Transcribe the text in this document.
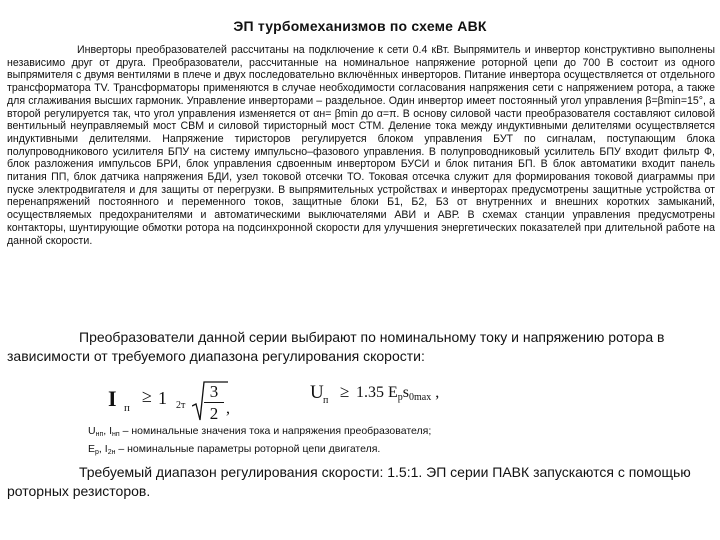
ЭП турбомеханизмов по схеме АВК

Инверторы преобразователей рассчитаны на подключение к сети 0.4 кВт. Выпрямитель и инвертор конструктивно выполнены независимо друг от друга. Преобразователи, рассчитанные на номинальное напряжение роторной цепи до 700 В состоит из одного выпрямителя с двумя вентилями в плече и двух последовательно включённых инверторов. Питание инвертора осуществляется от отдельного трансформатора TV. Транcформаторы применяются в случае необходимости согласования напряжения сети с напряжением ротора, а также для сглаживания высших гармоник. Управление инверторами – раздельное. Один инвертор имеет постоянный угол управления β=βmin=15°, а второй регулируется так, что угол управления изменяется от αн= βmin до α=π. В основу силовой части преобразователя составляют силовой вентильный неуправляемый мост СВМ и силовой тиристорный мост СТМ. Деление тока между индуктивными делителями осуществляется индуктивными делителями. Напряжение тиристоров регулируется блоком управления БУТ по сигналам, поступающим блока полупроводникового усилителя БПУ на систему импульсно–фазового управления. В полупроводниковый усилитель БПУ входит фильтр Ф, блок разложения импульсов БРИ, блок управления сдвоенным инвертором БУСИ и блок питания БП. В блок автоматики входит панель питания ПП, блок датчика напряжения БДИ, узел токовой отсечки ТО. Токовая отсечка служит для формирования токовой диаграммы при пуске электродвигателя и для защиты от перегрузки. В выпрямительных устройствах и инверторах предусмотрены защитные устройства от перенапряжений постоянного и переменного токов, защитные блоки Б1, Б2, Б3 от внутренних и внешних коротких замыканий, осуществляемых предохранителями и автоматическими выключателями АВИ и АВР. В схемах станции управления предусмотрены контакторы, шунтирующие обмотки ротора на подсинхронной скорости для улучшения энергетических показателей при длительной работе на данной скорости.

Преобразователи данной серии выбирают по номинальному току и напряжению ротора в зависимости от требуемого диапазона регулирования скорости:

I п
≥ 1 2т
3
2 ,
U п ≥ 1.35 $E_рs_{0max}$ ,
$U_{нп}$, $I_{нп}$ – номинальные значения тока и напряжения преобразователя;
$E_р$, $I_{2н}$ – номинальные параметры роторной цепи двигателя.

Требуемый диапазон регулирования скорости: 1.5:1. ЭП серии ПАВК запускаются с помощью роторных резисторов.
